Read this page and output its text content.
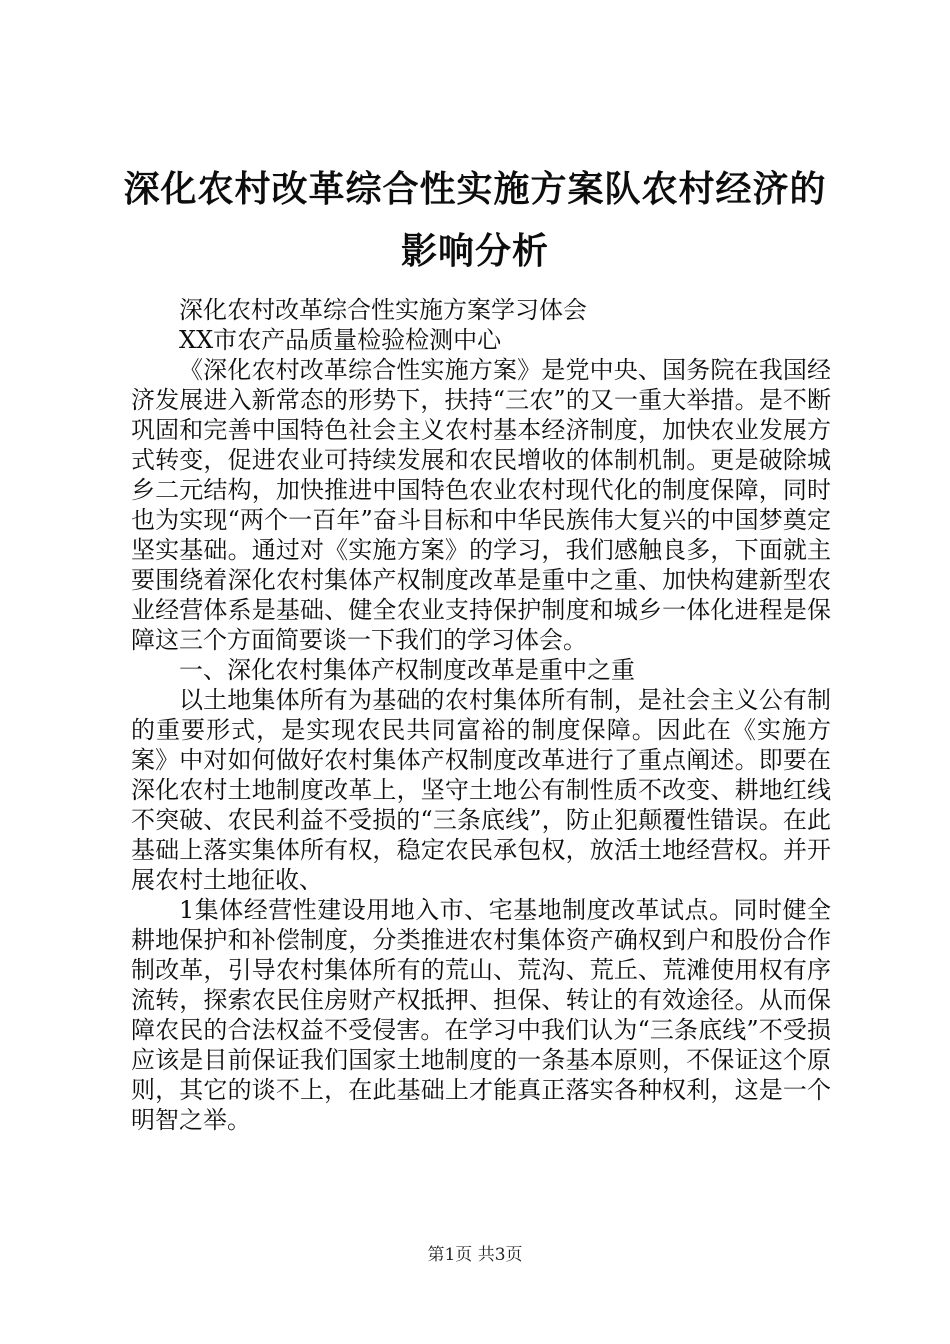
深化农村改革综合性实施方案队农村经济的影响分析

深化农村改革综合性实施方案学习体会

XX市农产品质量检验检测中心

《深化农村改革综合性实施方案》是党中央、国务院在我国经济发展进入新常态的形势下，扶持“三农”的又一重大举措。是不断巩固和完善中国特色社会主义农村基本经济制度，加快农业发展方式转变，促进农业可持续发展和农民增收的体制机制。更是破除城乡二元结构，加快推进中国特色农业农村现代化的制度保障，同时也为实现“两个一百年”奋斗目标和中华民族伟大复兴的中国梦奠定坚实基础。通过对《实施方案》的学习，我们感触良多，下面就主要围绕着深化农村集体产权制度改革是重中之重、加快构建新型农业经营体系是基础、健全农业支持保护制度和城乡一体化进程是保障这三个方面简要谈一下我们的学习体会。

一、深化农村集体产权制度改革是重中之重

以土地集体所有为基础的农村集体所有制，是社会主义公有制的重要形式，是实现农民共同富裕的制度保障。因此在《实施方案》中对如何做好农村集体产权制度改革进行了重点阐述。即要在深化农村土地制度改革上，坚守土地公有制性质不改变、耕地红线不突破、农民利益不受损的“三条底线”，防止犯颠覆性错误。在此基础上落实集体所有权，稳定农民承包权，放活土地经营权。并开展农村土地征收、

1集体经营性建设用地入市、宅基地制度改革试点。同时健全耕地保护和补偿制度，分类推进农村集体资产确权到户和股份合作制改革，引导农村集体所有的荒山、荒沟、荒丘、荒滩使用权有序流转，探索农民住房财产权抵押、担保、转让的有效途径。从而保障农民的合法权益不受侵害。在学习中我们认为“三条底线”不受损应该是目前保证我们国家土地制度的一条基本原则，不保证这个原则，其它的谈不上，在此基础上才能真正落实各种权利，这是一个明智之举。

第1页 共3页
